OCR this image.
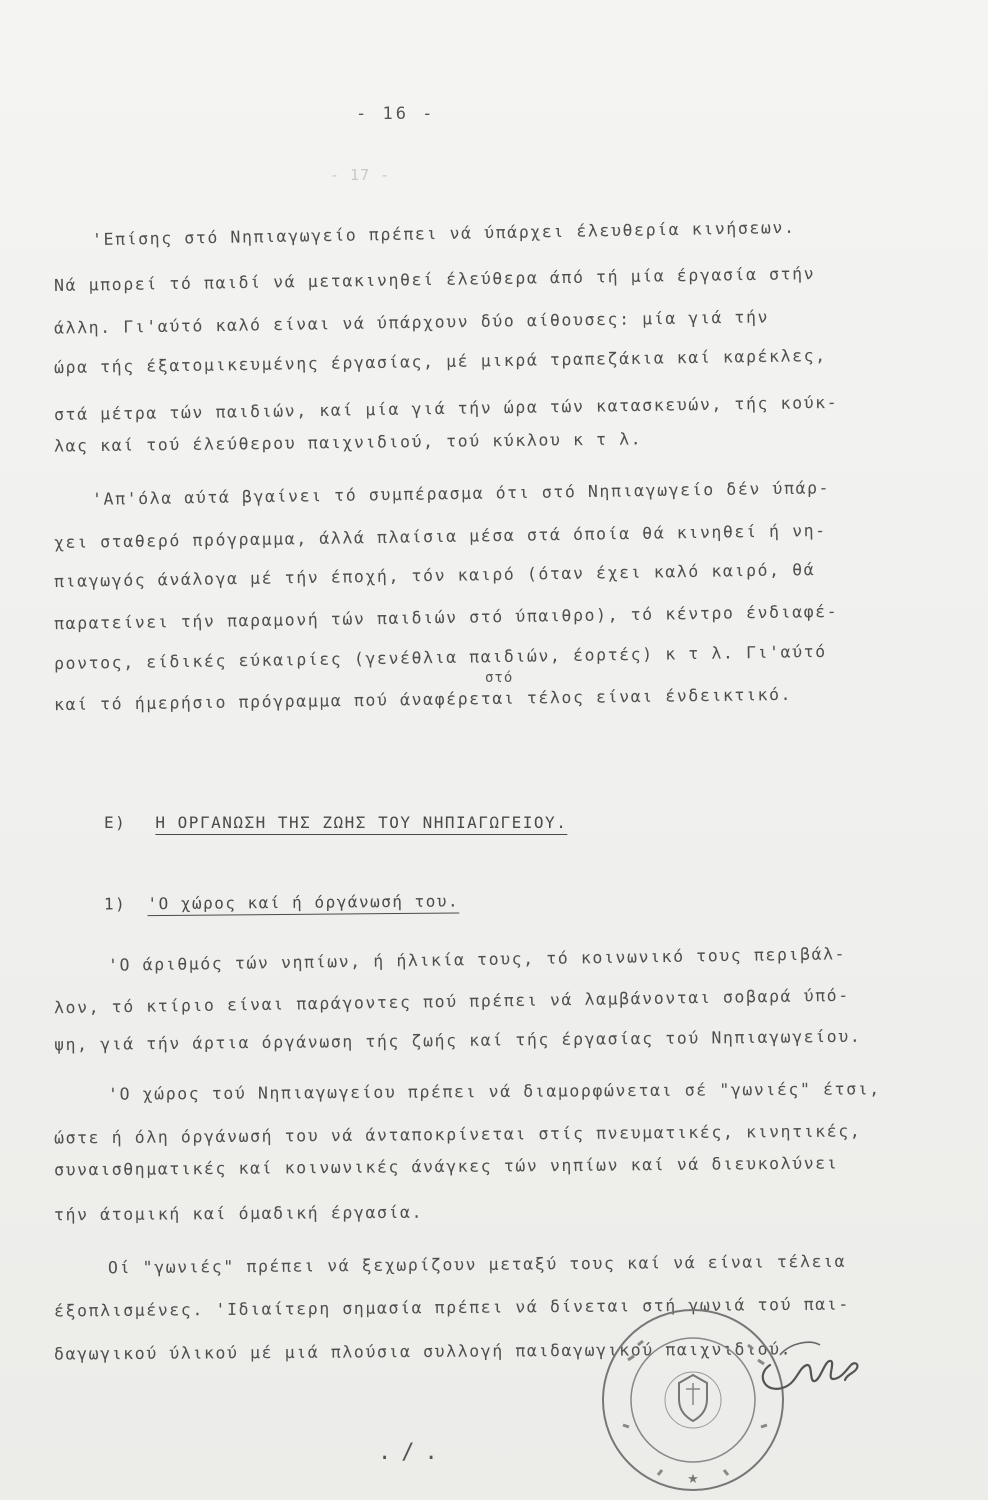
- 17 -
- 16 -
'Επίσης στό Νηπιαγωγείο πρέπει νά ύπάρχει έλευθερία κινήσεων.
Νά μπορεί τό παιδί νά μετακινηθεί έλεύθερα άπό τή μία έργασία στήν
άλλη. Γι'αύτό καλό είναι νά ύπάρχουν δύο αίθουσες: μία γιά τήν
ώρα τής έξατομικευμένης έργασίας, μέ μικρά τραπεζάκια καί καρέκλες,
στά μέτρα τών παιδιών, καί μία γιά τήν ώρα τών κατασκευών, τής κούκ-
λας καί τού έλεύθερου παιχνιδιού, τού κύκλου κ τ λ.
'Απ'όλα αύτά βγαίνει τό συμπέρασμα ότι στό Νηπιαγωγείο δέν ύπάρ-
χει σταθερό πρόγραμμα, άλλά πλαίσια μέσα στά όποία θά κινηθεί ή νη-
πιαγωγός άνάλογα μέ τήν έποχή, τόν καιρό (όταν έχει καλό καιρό, θά
παρατείνει τήν παραμονή τών παιδιών στό ύπαιθρο), τό κέντρο ένδιαφέ-
ροντος, είδικές εύκαιρίες (γενέθλια παιδιών, έορτές) κ τ λ. Γι'αύτό
στό
καί τό ήμερήσιο πρόγραμμα πού άναφέρεται τέλος είναι ένδεικτικό.
Ε) Η ΟΡΓΑΝΩΣΗ ΤΗΣ ΖΩΗΣ ΤΟΥ ΝΗΠΙΑΓΩΓΕΙΟΥ.
1) 'Ο χώρος καί ή όργάνωσή του.
'Ο άριθμός τών νηπίων, ή ήλικία τους, τό κοινωνικό τους περιβάλ-
λον, τό κτίριο είναι παράγοντες πού πρέπει νά λαμβάνονται σοβαρά ύπό-
ψη, γιά τήν άρτια όργάνωση τής ζωής καί τής έργασίας τού Νηπιαγωγείου.
'Ο χώρος τού Νηπιαγωγείου πρέπει νά διαμορφώνεται σέ "γωνιές" έτσι,
ώστε ή όλη όργάνωσή του νά άνταποκρίνεται στίς πνευματικές, κινητικές,
συναισθηματικές καί κοινωνικές άνάγκες τών νηπίων καί νά διευκολύνει
τήν άτομική καί όμαδική έργασία.
Οί "γωνιές" πρέπει νά ξεχωρίζουν μεταξύ τους καί νά είναι τέλεια
έξοπλισμένες. 'Ιδιαίτερη σημασία πρέπει νά δίνεται στή γωνιά τού παι-
δαγωγικού ύλικού μέ μιά πλούσια συλλογή παιδαγωγικού παιχνιδιού.
★
./.
